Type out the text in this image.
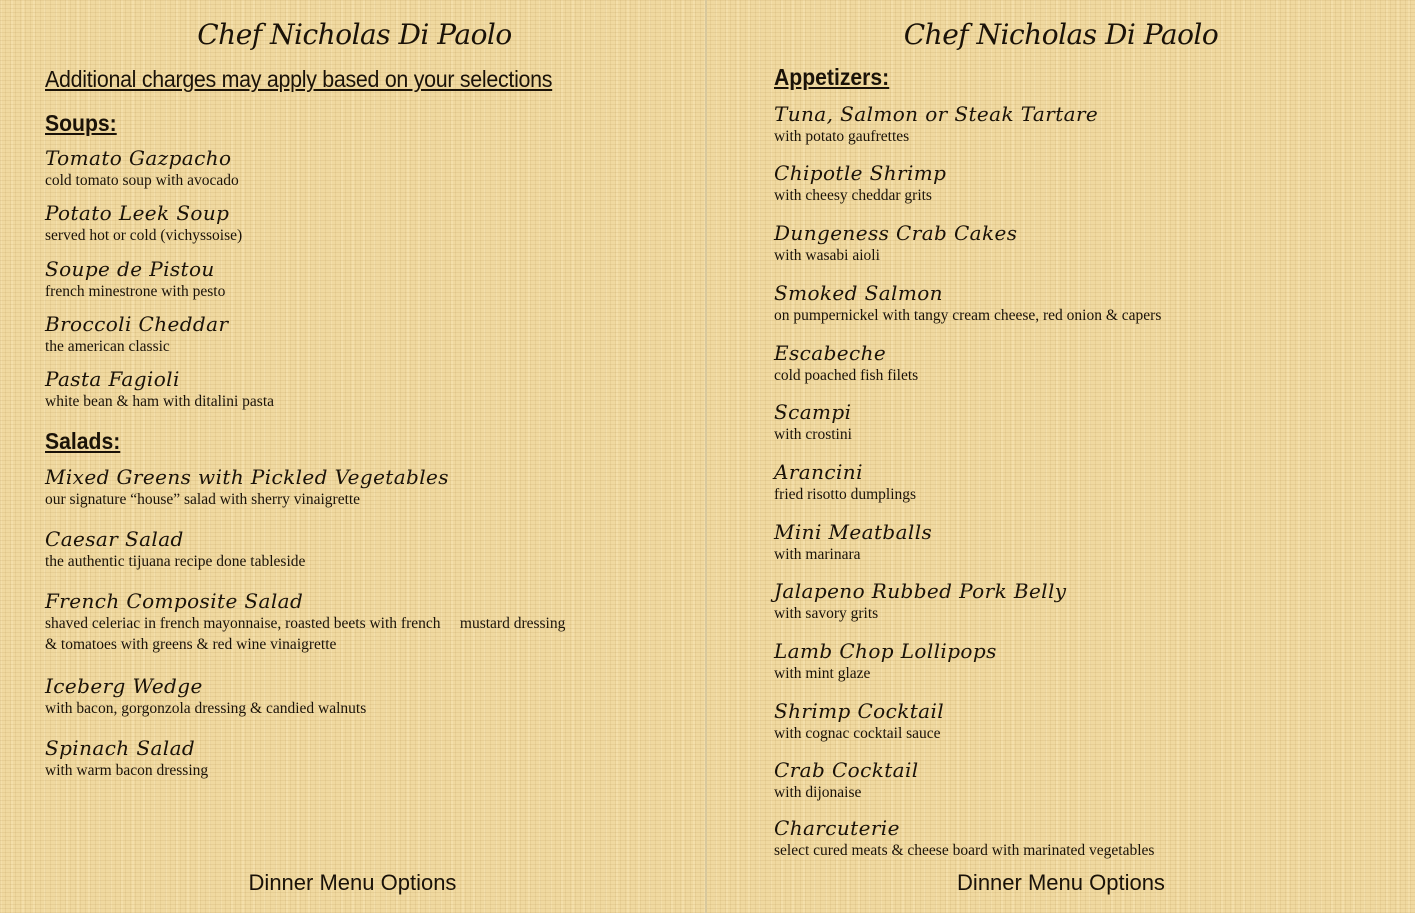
Chef Nicholas Di Paolo
Additional charges may apply based on your selections
Soups:
Tomato Gazpacho
cold tomato soup with avocado
Potato Leek Soup
served hot or cold (vichyssoise)
Soupe de Pistou
french minestrone with pesto
Broccoli Cheddar
the american classic
Pasta Fagioli
white bean & ham with ditalini pasta
Salads:
Mixed Greens with Pickled Vegetables
our signature “house” salad with sherry vinaigrette
Caesar Salad
the authentic tijuana recipe done tableside
French Composite Salad
shaved celeriac in french mayonnaise, roasted beets with french     mustard dressing
& tomatoes with greens & red wine vinaigrette
Iceberg Wedge
with bacon, gorgonzola dressing & candied walnuts
Spinach Salad
with warm bacon dressing
Dinner Menu Options
Chef Nicholas Di Paolo
Appetizers:
Tuna, Salmon or Steak Tartare
with potato gaufrettes
Chipotle Shrimp
with cheesy cheddar grits
Dungeness Crab Cakes
with wasabi aioli
Smoked Salmon
on pumpernickel with tangy cream cheese, red onion & capers
Escabeche
cold poached fish filets
Scampi
with crostini
Arancini
fried risotto dumplings
Mini Meatballs
with marinara
Jalapeno Rubbed Pork Belly
with savory grits
Lamb Chop Lollipops
with mint glaze
Shrimp Cocktail
with cognac cocktail sauce
Crab Cocktail
with dijonaise
Charcuterie
select cured meats & cheese board with marinated vegetables
Dinner Menu Options
